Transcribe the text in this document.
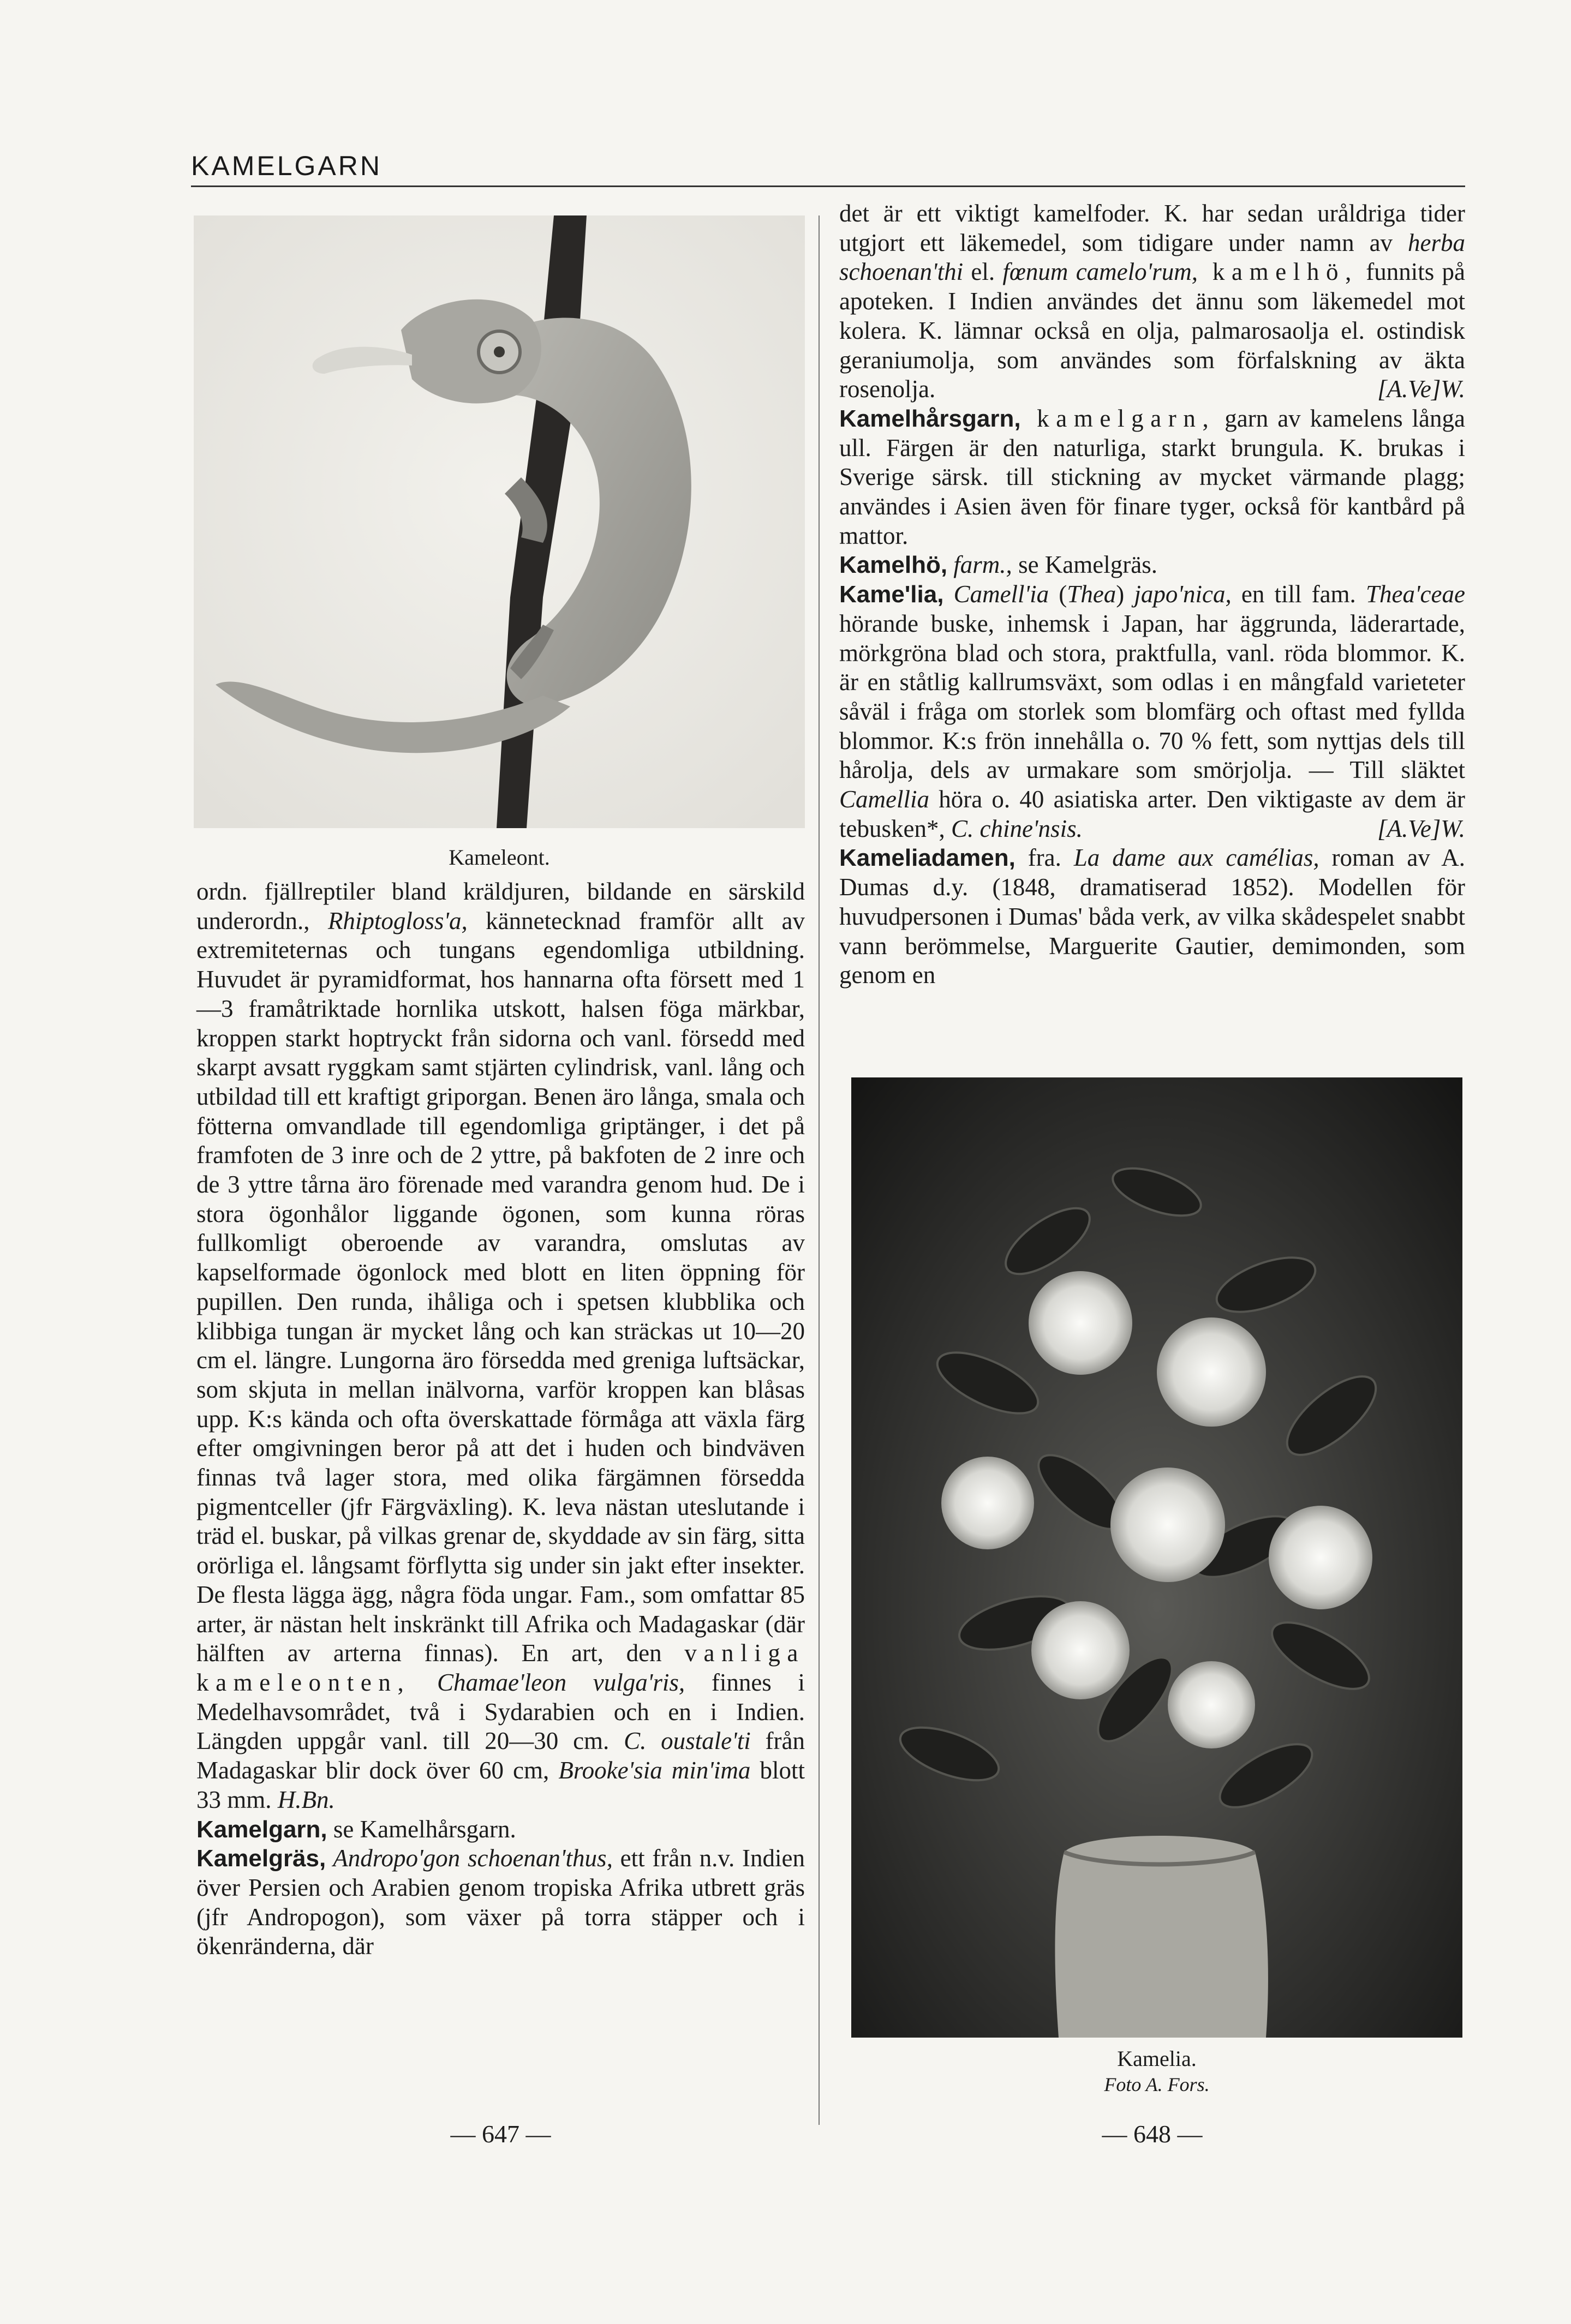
KAMELGARN
Kameleont.

ordn. fjällreptiler bland kräldjuren, bildande en särskild underordn., Rhiptogloss'a, kännetecknad framför allt av extremiteternas och tungans egendomliga utbildning. Huvudet är pyramidformat, hos hannarna ofta försett med 1—3 framåtriktade hornlika utskott, halsen föga märkbar, kroppen starkt hoptryckt från sidorna och vanl. försedd med skarpt avsatt ryggkam samt stjärten cylindrisk, vanl. lång och utbildad till ett kraftigt griporgan. Benen äro långa, smala och fötterna omvandlade till egendomliga griptänger, i det på framfoten de 3 inre och de 2 yttre, på bakfoten de 2 inre och de 3 yttre tårna äro förenade med varandra genom hud. De i stora ögonhålor liggande ögonen, som kunna röras fullkomligt oberoende av varandra, omslutas av kapselformade ögonlock med blott en liten öppning för pupillen. Den runda, ihåliga och i spetsen klubblika och klibbiga tungan är mycket lång och kan sträckas ut 10—20 cm el. längre. Lungorna äro försedda med greniga luftsäckar, som skjuta in mellan inälvorna, varför kroppen kan blåsas upp. K:s kända och ofta överskattade förmåga att växla färg efter omgivningen beror på att det i huden och bindväven finnas två lager stora, med olika färgämnen försedda pigmentceller (jfr Färgväxling). K. leva nästan uteslutande i träd el. buskar, på vilkas grenar de, skyddade av sin färg, sitta orörliga el. långsamt förflytta sig under sin jakt efter insekter. De flesta lägga ägg, några föda ungar. Fam., som omfattar 85 arter, är nästan helt inskränkt till Afrika och Madagaskar (där hälften av arterna finnas). En art, den vanliga kameleonten, Chamae'leon vulga'ris, finnes i Medelhavsområdet, två i Sydarabien och en i Indien. Längden uppgår vanl. till 20—30 cm. C. oustale'ti från Madagaskar blir dock över 60 cm, Brooke'sia min'ima blott 33 mm. H.Bn.

Kamelgarn, se Kamelhårsgarn.

Kamelgräs, Andropo'gon schoenan'thus, ett från n.v. Indien över Persien och Arabien genom tropiska Afrika utbrett gräs (jfr Andropogon), som växer på torra stäpper och i ökenränderna, där

det är ett viktigt kamelfoder. K. har sedan uråldriga tider utgjort ett läkemedel, som tidigare under namn av herba schoenan'thi el. fœnum camelo'rum, kamelhö, funnits på apoteken. I Indien användes det ännu som läkemedel mot kolera. K. lämnar också en olja, palmarosaolja el. ostindisk geraniumolja, som användes som förfalskning av äkta rosenolja.	[A.Ve]W.

Kamelhårsgarn, kamelgarn, garn av kamelens långa ull. Färgen är den naturliga, starkt brungula. K. brukas i Sverige särsk. till stickning av mycket värmande plagg; användes i Asien även för finare tyger, också för kantbård på mattor.

Kamelhö, farm., se Kamelgräs.

Kame'lia, Camell'ia (Thea) japo'nica, en till fam. Thea'ceae hörande buske, inhemsk i Japan, har äggrunda, läderartade, mörkgröna blad och stora, praktfulla, vanl. röda blommor. K. är en ståtlig kallrumsväxt, som odlas i en mångfald varieteter såväl i fråga om storlek som blomfärg och oftast med fyllda blommor. K:s frön innehålla o. 70 % fett, som nyttjas dels till hårolja, dels av urmakare som smörjolja. — Till släktet Camellia höra o. 40 asiatiska arter. Den viktigaste av dem är tebusken*, C. chine'nsis.	[A.Ve]W.

Kameliadamen, fra. La dame aux camélias, roman av A. Dumas d.y. (1848, dramatiserad 1852). Modellen för huvudpersonen i Dumas' båda verk, av vilka skådespelet snabbt vann berömmelse, Marguerite Gautier, demimonden, som genom en

Kamelia.
Foto A. Fors.
— 647 —	— 648 —
